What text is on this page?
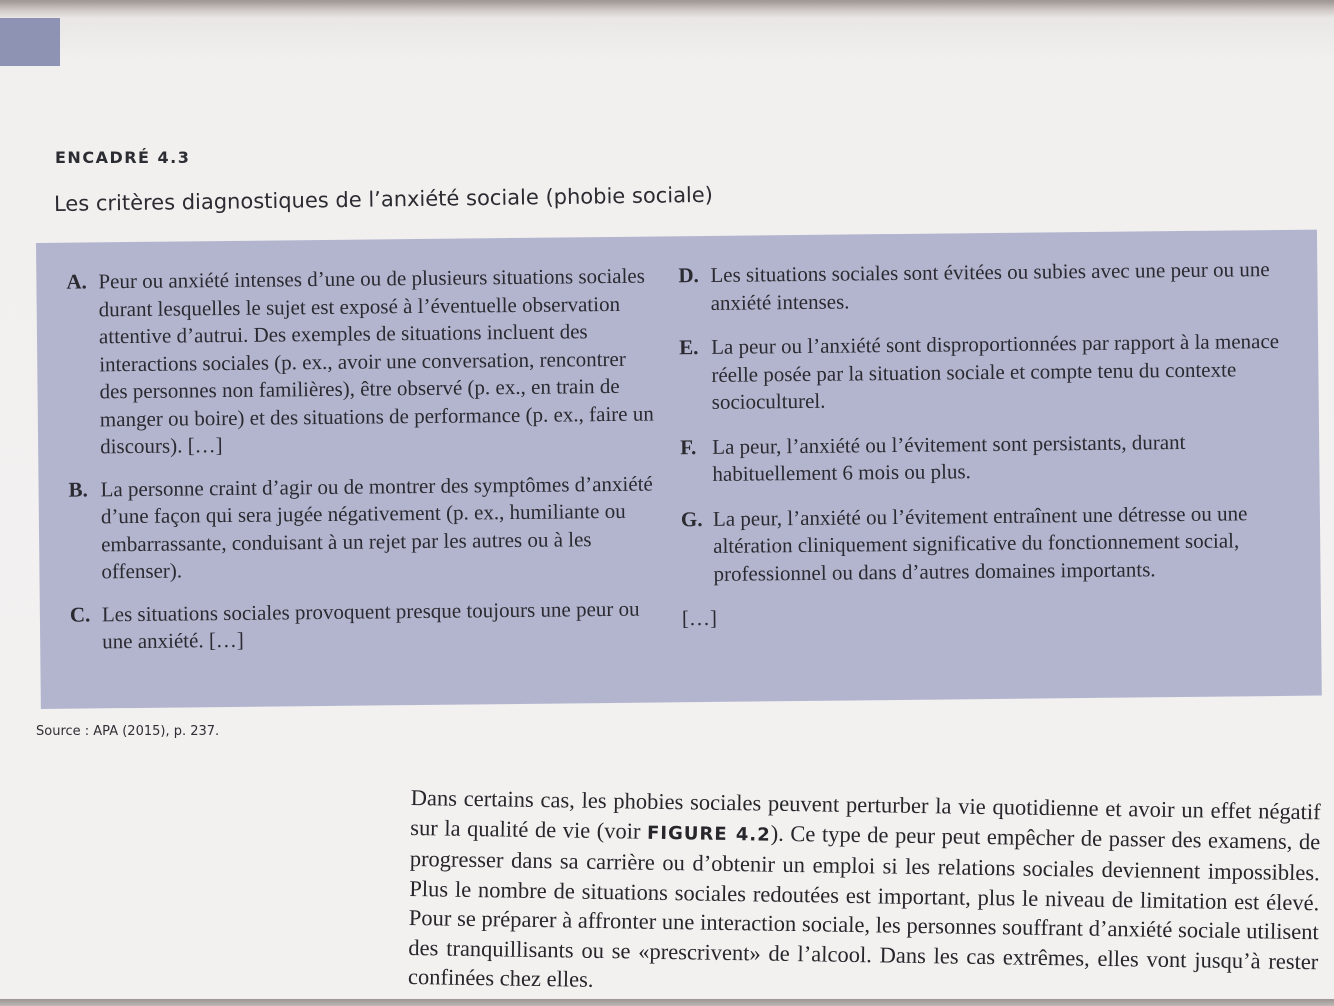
ENCADRÉ 4.3
Les critères diagnostiques de l’anxiété sociale (phobie sociale)
A. Peur ou anxiété intenses d’une ou de plusieurs situations sociales durant lesquelles le sujet est exposé à l’éventuelle observation attentive d’autrui. Des exemples de situations incluent des interactions sociales (p. ex., avoir une conversation, rencontrer des personnes non familières), être observé (p. ex., en train de manger ou boire) et des situations de performance (p. ex., faire un discours). […]
B. La personne craint d’agir ou de montrer des symptômes d’anxiété d’une façon qui sera jugée négativement (p. ex., humiliante ou embarrassante, conduisant à un rejet par les autres ou à les offenser).
C. Les situations sociales provoquent presque toujours une peur ou une anxiété. […]
D. Les situations sociales sont évitées ou subies avec une peur ou une anxiété intenses.
E. La peur ou l’anxiété sont disproportionnées par rapport à la menace réelle posée par la situation sociale et compte tenu du contexte socioculturel.
F. La peur, l’anxiété ou l’évitement sont persistants, durant habituellement 6 mois ou plus.
G. La peur, l’anxiété ou l’évitement entraînent une détresse ou une altération cliniquement significative du fonctionnement social, professionnel ou dans d’autres domaines importants.
[…]
Source : APA (2015), p. 237.
Dans certains cas, les phobies sociales peuvent perturber la vie quotidienne et avoir un effet négatif sur la qualité de vie (voir FIGURE 4.2). Ce type de peur peut empêcher de passer des examens, de progresser dans sa carrière ou d’obtenir un emploi si les relations sociales deviennent impossibles. Plus le nombre de situations sociales redoutées est important, plus le niveau de limitation est élevé. Pour se préparer à affronter une interaction sociale, les personnes souffrant d’anxiété sociale utilisent des tranquillisants ou se «prescrivent» de l’alcool. Dans les cas extrêmes, elles vont jusqu’à rester confinées chez elles.
